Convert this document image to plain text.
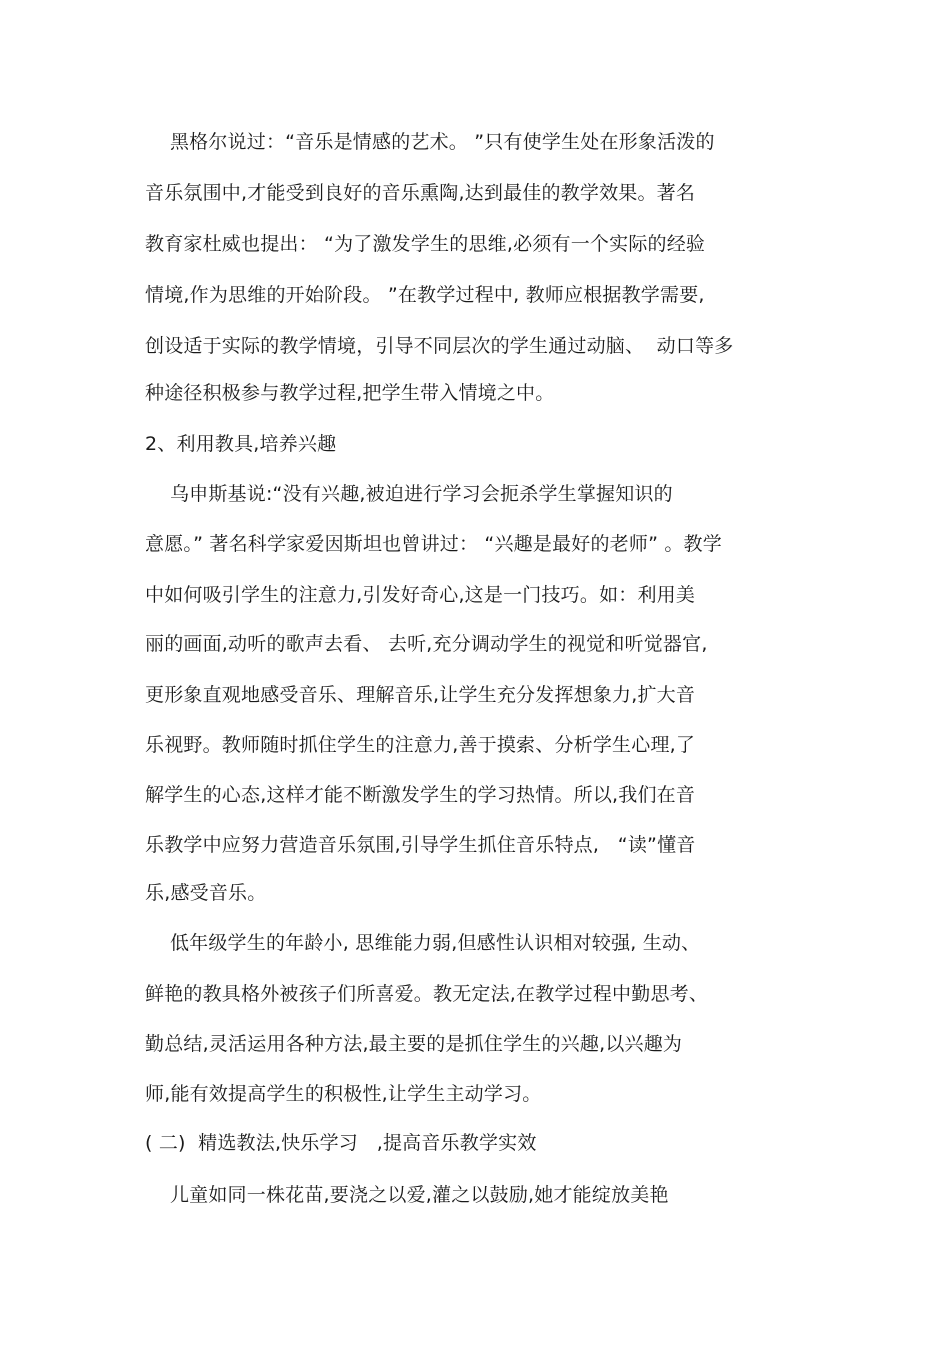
黑格尔说过：“音乐是情感的艺术。 ”只有使学生处在形象活泼的
音乐氛围中,才能受到良好的音乐熏陶,达到最佳的教学效果。著名
教育家杜威也提出： “为了激发学生的思维,必须有一个实际的经验
情境,作为思维的开始阶段。 ”在教学过程中, 教师应根据教学需要,
创设适于实际的教学情境，引导不同层次的学生通过动脑、  动口等多
种途径积极参与教学过程,把学生带入情境之中。
2、利用教具,培养兴趣
乌申斯基说:“没有兴趣,被迫进行学习会扼杀学生掌握知识的
意愿。” 著名科学家爱因斯坦也曾讲过： “兴趣是最好的老师” 。教学
中如何吸引学生的注意力,引发好奇心,这是一门技巧。如：利用美
丽的画面,动听的歌声去看、 去听,充分调动学生的视觉和听觉器官,
更形象直观地感受音乐、理解音乐,让学生充分发挥想象力,扩大音
乐视野。教师随时抓住学生的注意力,善于摸索、分析学生心理,了
解学生的心态,这样才能不断激发学生的学习热情。所以,我们在音
乐教学中应努力营造音乐氛围,引导学生抓住音乐特点,   “读”懂音
乐,感受音乐。
低年级学生的年龄小, 思维能力弱,但感性认识相对较强, 生动、
鲜艳的教具格外被孩子们所喜爱。教无定法,在教学过程中勤思考、
勤总结,灵活运用各种方法,最主要的是抓住学生的兴趣,以兴趣为
师,能有效提高学生的积极性,让学生主动学习。
( 二)  精选教法,快乐学习   ,提高音乐教学实效
儿童如同一株花苗,要浇之以爱,灌之以鼓励,她才能绽放美艳
